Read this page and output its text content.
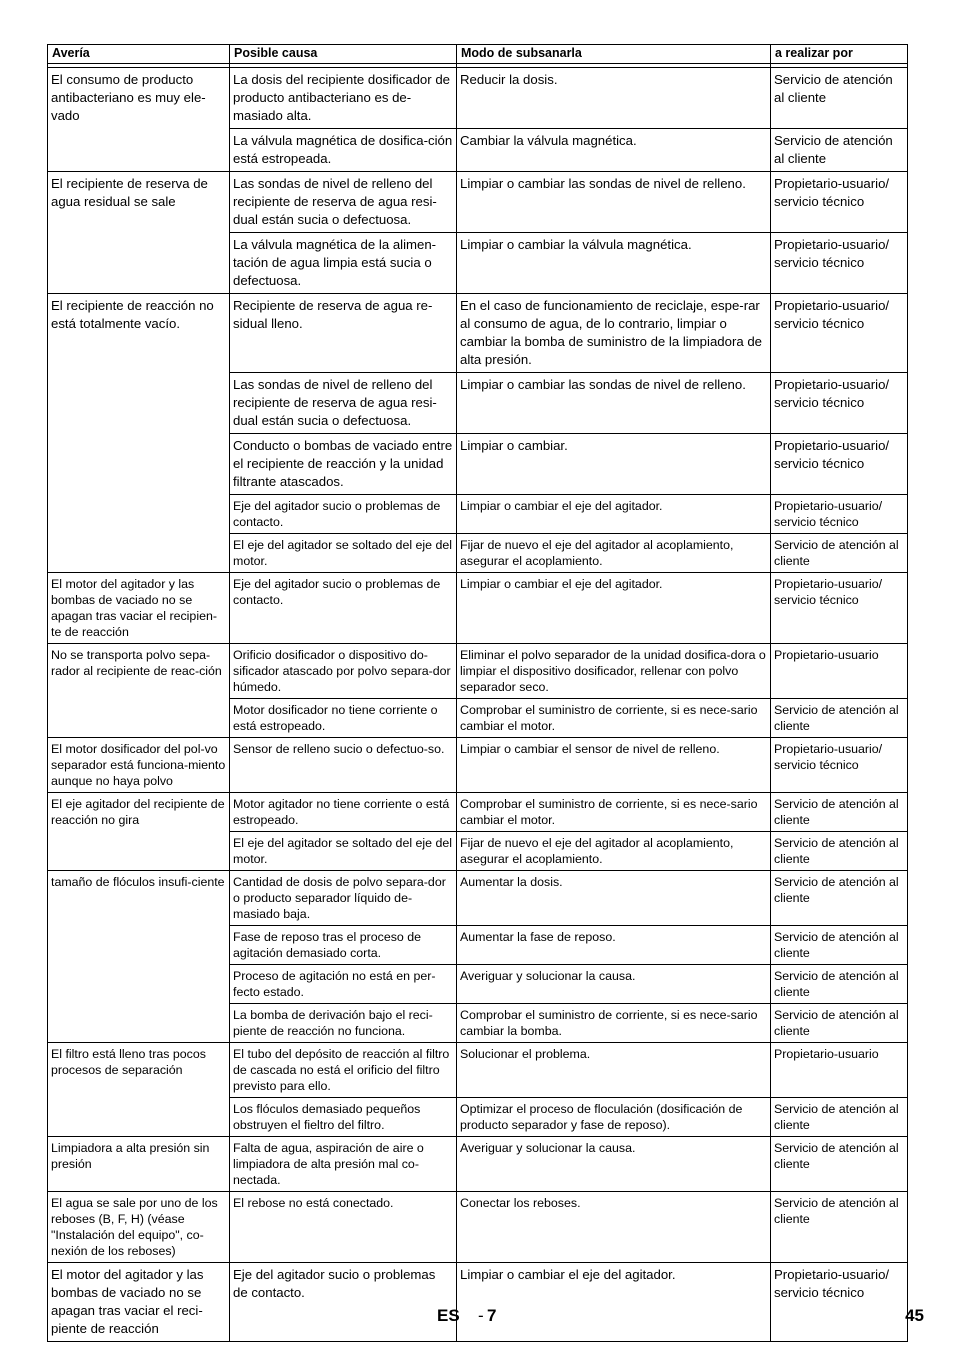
Avería	Posible causa	Modo de subsanarla	a realizar por

El consumo de producto antibacteriano es muy ele-vado	La dosis del recipiente dosificador de producto antibacteriano es de-masiado alta.	Reducir la dosis.	Servicio de atención al cliente
	La válvula magnética de dosifica-ción está estropeada.	Cambiar la válvula magnética.	Servicio de atención al cliente
El recipiente de reserva de agua residual se sale	Las sondas de nivel de relleno del recipiente de reserva de agua resi-dual están sucia o defectuosa.	Limpiar o cambiar las sondas de nivel de relleno.	Propietario-usuario/ servicio técnico
	La válvula magnética de la alimen-tación de agua limpia está sucia o defectuosa.	Limpiar o cambiar la válvula magnética.	Propietario-usuario/ servicio técnico
El recipiente de reacción no está totalmente vacío.	Recipiente de reserva de agua re-sidual lleno.	En el caso de funcionamiento de reciclaje, espe-rar al consumo de agua, de lo contrario, limpiar o cambiar la bomba de suministro de la limpiadora de alta presión.	Propietario-usuario/ servicio técnico
	Las sondas de nivel de relleno del recipiente de reserva de agua resi-dual están sucia o defectuosa.	Limpiar o cambiar las sondas de nivel de relleno.	Propietario-usuario/ servicio técnico
	Conducto o bombas de vaciado entre el recipiente de reacción y la unidad filtrante atascados.	Limpiar o cambiar.	Propietario-usuario/ servicio técnico
	Eje del agitador sucio o problemas de contacto.	Limpiar o cambiar el eje del agitador.	Propietario-usuario/ servicio técnico
	El eje del agitador se soltado del eje del motor.	Fijar de nuevo el eje del agitador al acoplamiento, asegurar el acoplamiento.	Servicio de atención al cliente
El motor del agitador y las bombas de vaciado no se apagan tras vaciar el recipien-te de reacción	Eje del agitador sucio o problemas de contacto.	Limpiar o cambiar el eje del agitador.	Propietario-usuario/ servicio técnico
No se transporta polvo sepa-rador al recipiente de reac-ción	Orificio dosificador o dispositivo do-sificador atascado por polvo separa-dor húmedo.	Eliminar el polvo separador de la unidad dosifica-dora o limpiar el dispositivo dosificador, rellenar con polvo separador seco.	Propietario-usuario
	Motor dosificador no tiene corriente o está estropeado.	Comprobar el suministro de corriente, si es nece-sario cambiar el motor.	Servicio de atención al cliente
El motor dosificador del pol-vo separador está funciona-miento aunque no haya polvo	Sensor de relleno sucio o defectuo-so.	Limpiar o cambiar el sensor de nivel de relleno.	Propietario-usuario/ servicio técnico
El eje agitador del recipiente de reacción no gira	Motor agitador no tiene corriente o está estropeado.	Comprobar el suministro de corriente, si es nece-sario cambiar el motor.	Servicio de atención al cliente
	El eje del agitador se soltado del eje del motor.	Fijar de nuevo el eje del agitador al acoplamiento, asegurar el acoplamiento.	Servicio de atención al cliente
tamaño de flóculos insufi-ciente	Cantidad de dosis de polvo separa-dor o producto separador líquido de-masiado baja.	Aumentar la dosis.	Servicio de atención al cliente
	Fase de reposo tras el proceso de agitación demasiado corta.	Aumentar la fase de reposo.	Servicio de atención al cliente
	Proceso de agitación no está en per-fecto estado.	Averiguar y solucionar la causa.	Servicio de atención al cliente
	La bomba de derivación bajo el reci-piente de reacción no funciona.	Comprobar el suministro de corriente, si es nece-sario cambiar la bomba.	Servicio de atención al cliente
El filtro está lleno tras pocos procesos de separación	El tubo del depósito de reacción al filtro de cascada no está el orificio del filtro previsto para ello.	Solucionar el problema.	Propietario-usuario
	Los flóculos demasiado pequeños obstruyen el fieltro del filtro.	Optimizar el proceso de floculación (dosificación de producto separador y fase de reposo).	Servicio de atención al cliente
Limpiadora a alta presión sin presión	Falta de agua, aspiración de aire o limpiadora de alta presión mal co-nectada.	Averiguar y solucionar la causa.	Servicio de atención al cliente
El agua se sale por uno de los reboses (B, F, H) (véase "Instalación del equipo", co-nexión de los reboses)	El rebose no está conectado.	Conectar los reboses.	Servicio de atención al cliente
El motor del agitador y las bombas de vaciado no se apagan tras vaciar el reci-piente de reacción	Eje del agitador sucio o problemas de contacto.	Limpiar o cambiar el eje del agitador.	Propietario-usuario/ servicio técnico
ES - 7	45
